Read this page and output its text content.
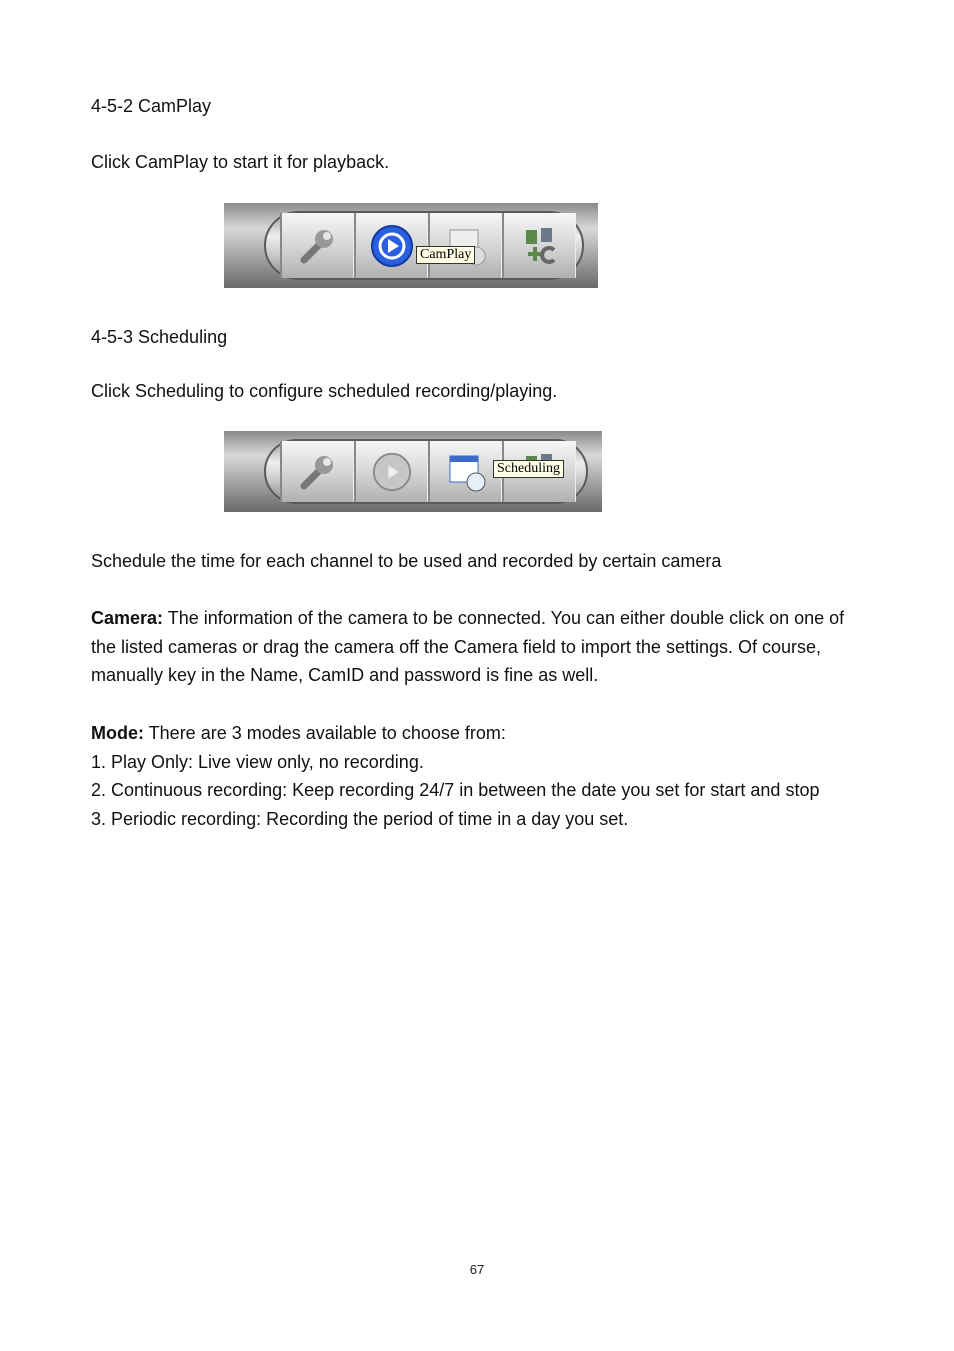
4-5-2 CamPlay
Click CamPlay to start it for playback.
CamPlay
4-5-3 Scheduling
Click Scheduling to configure scheduled recording/playing.
Scheduling
Schedule the time for each channel to be used and recorded by certain camera
Camera: The information of the camera to be connected. You can either double click on one of the listed cameras or drag the camera off the Camera field to import the settings. Of course, manually key in the Name, CamID and password is fine as well.
Mode: There are 3 modes available to choose from:
1. Play Only: Live view only, no recording.
2. Continuous recording: Keep recording 24/7 in between the date you set for start and stop
3. Periodic recording: Recording the period of time in a day you set.
67
